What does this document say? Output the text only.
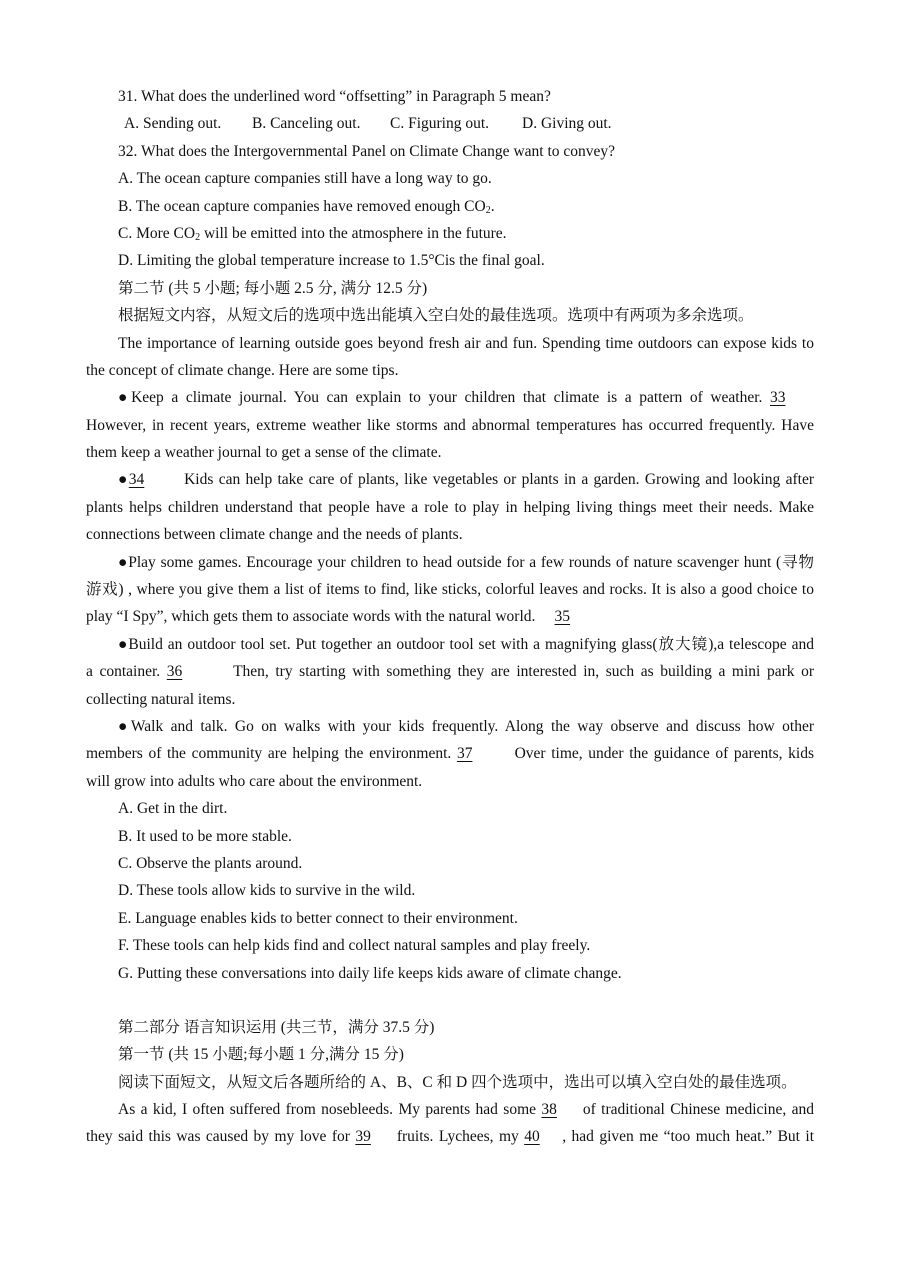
31. What does the underlined word “offsetting” in Paragraph 5 mean?
A. Sending out.	B. Canceling out.	C. Figuring out.	D. Giving out.
32. What does the Intergovernmental Panel on Climate Change want to convey?
A. The ocean capture companies still have a long way to go.
B. The ocean capture companies have removed enough $CO_2$.
C. More $CO_2$ will be emitted into the atmosphere in the future.
D. Limiting the global temperature increase to 1.5°Cis the final goal.
第二节 (共 5 小题; 每小题 2.5 分, 满分 12.5 分)
根据短文内容，从短文后的选项中选出能填入空白处的最佳选项。选项中有两项为多余选项。
The importance of learning outside goes beyond fresh air and fun. Spending time outdoors can expose kids to
the concept of climate change. Here are some tips.
●Keep a climate journal. You can explain to your children that climate is a pattern of weather. 33
However, in recent years, extreme weather like storms and abnormal temperatures has occurred frequently. Have
them keep a weather journal to get a sense of the climate.
●34	Kids can help take care of plants, like vegetables or plants in a garden. Growing and looking after
plants helps children understand that people have a role to play in helping living things meet their needs. Make
connections between climate change and the needs of plants.
●Play some games. Encourage your children to head outside for a few rounds of nature scavenger hunt (寻物
游戏) , where you give them a list of items to find, like sticks, colorful leaves and rocks. It is also a good choice to
play “I Spy”, which gets them to associate words with the natural world. 35
●Build an outdoor tool set. Put together an outdoor tool set with a magnifying glass(放大镜),a telescope and
a container. 36	Then, try starting with something they are interested in, such as building a mini park or
collecting natural items.
●Walk and talk. Go on walks with your kids frequently. Along the way observe and discuss how other
members of the community are helping the environment. 37	Over time, under the guidance of parents, kids
will grow into adults who care about the environment.
A. Get in the dirt.
B. It used to be more stable.
C. Observe the plants around.
D. These tools allow kids to survive in the wild.
E. Language enables kids to better connect to their environment.
F. These tools can help kids find and collect natural samples and play freely.
G. Putting these conversations into daily life keeps kids aware of climate change.
第二部分 语言知识运用 (共三节，满分 37.5 分)
第一节 (共 15 小题;每小题 1 分,满分 15 分)
阅读下面短文，从短文后各题所给的 A、B、C 和 D 四个选项中，选出可以填入空白处的最佳选项。
As a kid, I often suffered from nosebleeds. My parents had some 38 of traditional Chinese medicine, and
they said this was caused by my love for 39 fruits. Lychees, my 40 , had given me “too much heat.” But it
